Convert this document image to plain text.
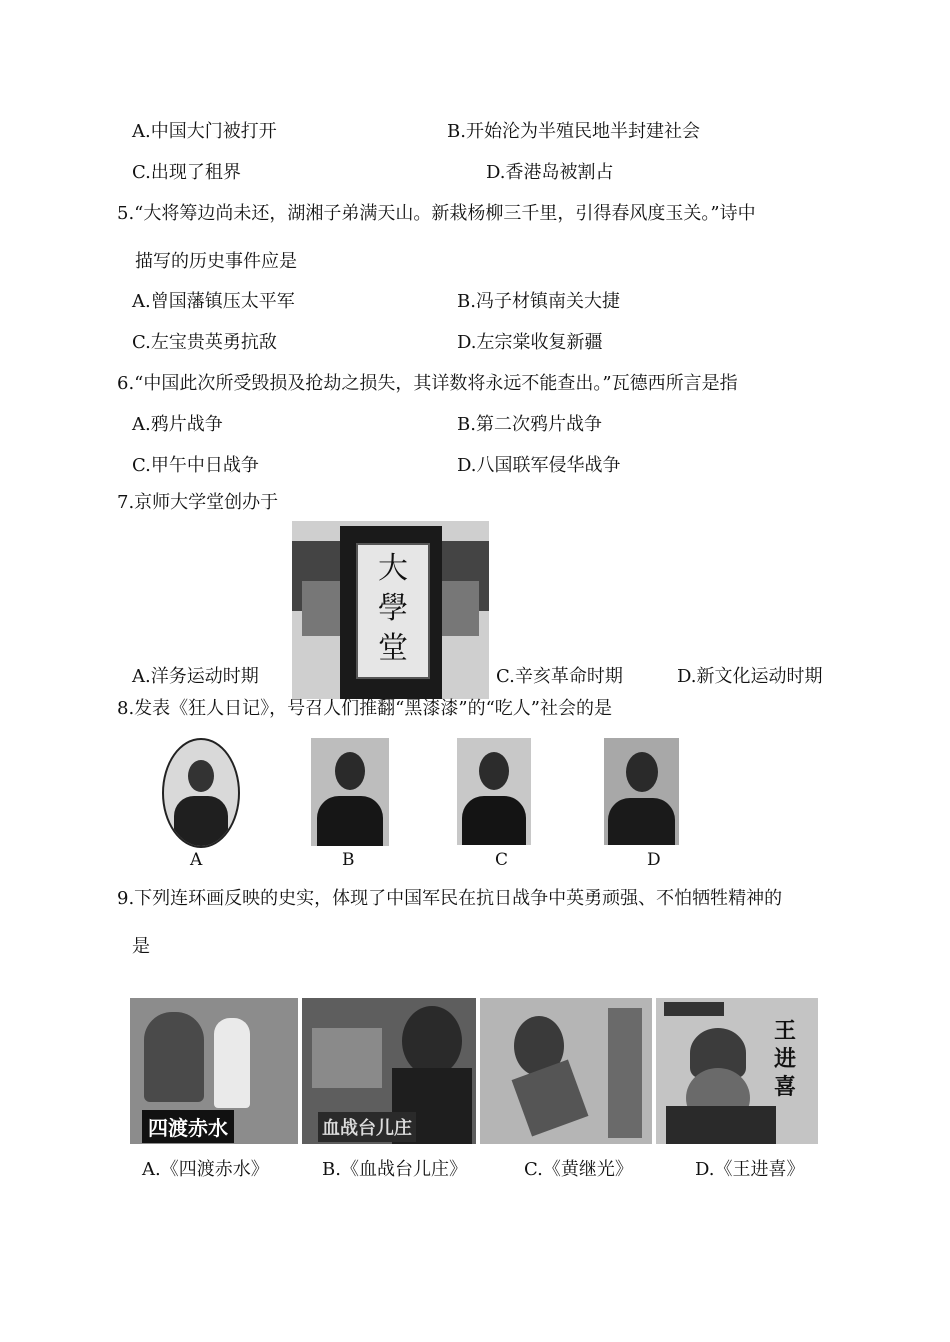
A.中国大门被打开	B.开始沦为半殖民地半封建社会
C.出现了租界	D.香港岛被割占
5.“大将筹边尚未还，湖湘子弟满天山。新栽杨柳三千里，引得春风度玉关。”诗中
描写的历史事件应是
A.曾国藩镇压太平军	B.冯子材镇南关大捷
C.左宝贵英勇抗敌	D.左宗棠收复新疆
6.“中国此次所受毁损及抢劫之损失，其详数将永远不能查出。”瓦德西所言是指
A.鸦片战争	B.第二次鸦片战争
C.甲午中日战争	D.八国联军侵华战争
7.京师大学堂创办于
大
學
堂
A.洋务运动时期	C.辛亥革命时期	D.新文化运动时期
8.发表《狂人日记》，号召人们推翻“黑漆漆”的“吃人”社会的是
A	B	C	D
9.下列连环画反映的史实，体现了中国军民在抗日战争中英勇顽强、不怕牺牲精神的
是
四渡赤水	血战台儿庄
王进喜
A.《四渡赤水》	B.《血战台儿庄》	C.《黄继光》	D.《王进喜》
